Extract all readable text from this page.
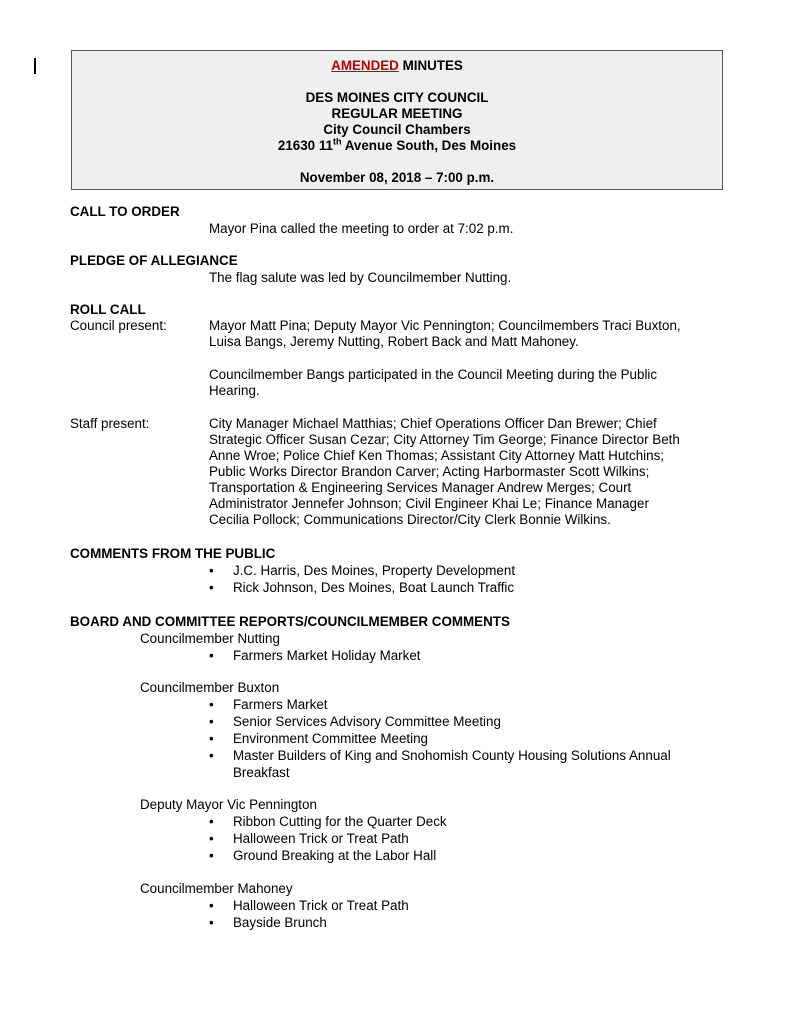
AMENDED MINUTES
DES MOINES CITY COUNCIL
REGULAR MEETING
City Council Chambers
21630 11th Avenue South, Des Moines
November 08, 2018 – 7:00 p.m.
CALL TO ORDER
Mayor Pina called the meeting to order at 7:02 p.m.
PLEDGE OF ALLEGIANCE
The flag salute was led by Councilmember Nutting.
ROLL CALL
Council present:	Mayor Matt Pina; Deputy Mayor Vic Pennington; Councilmembers Traci Buxton,
Luisa Bangs, Jeremy Nutting, Robert Back and Matt Mahoney.
Councilmember Bangs participated in the Council Meeting during the Public
Hearing.
Staff present:	City Manager Michael Matthias; Chief Operations Officer Dan Brewer; Chief
Strategic Officer Susan Cezar; City Attorney Tim George; Finance Director Beth
Anne Wroe; Police Chief Ken Thomas; Assistant City Attorney Matt Hutchins;
Public Works Director Brandon Carver; Acting Harbormaster Scott Wilkins;
Transportation & Engineering Services Manager Andrew Merges; Court
Administrator Jennefer Johnson; Civil Engineer Khai Le; Finance Manager
Cecilia Pollock; Communications Director/City Clerk Bonnie Wilkins.
COMMENTS FROM THE PUBLIC
• J.C. Harris, Des Moines, Property Development
• Rick Johnson, Des Moines, Boat Launch Traffic
BOARD AND COMMITTEE REPORTS/COUNCILMEMBER COMMENTS
Councilmember Nutting
• Farmers Market Holiday Market
Councilmember Buxton
• Farmers Market
• Senior Services Advisory Committee Meeting
• Environment Committee Meeting
• Master Builders of King and Snohomish County Housing Solutions Annual
Breakfast
Deputy Mayor Vic Pennington
• Ribbon Cutting for the Quarter Deck
• Halloween Trick or Treat Path
• Ground Breaking at the Labor Hall
Councilmember Mahoney
• Halloween Trick or Treat Path
• Bayside Brunch
